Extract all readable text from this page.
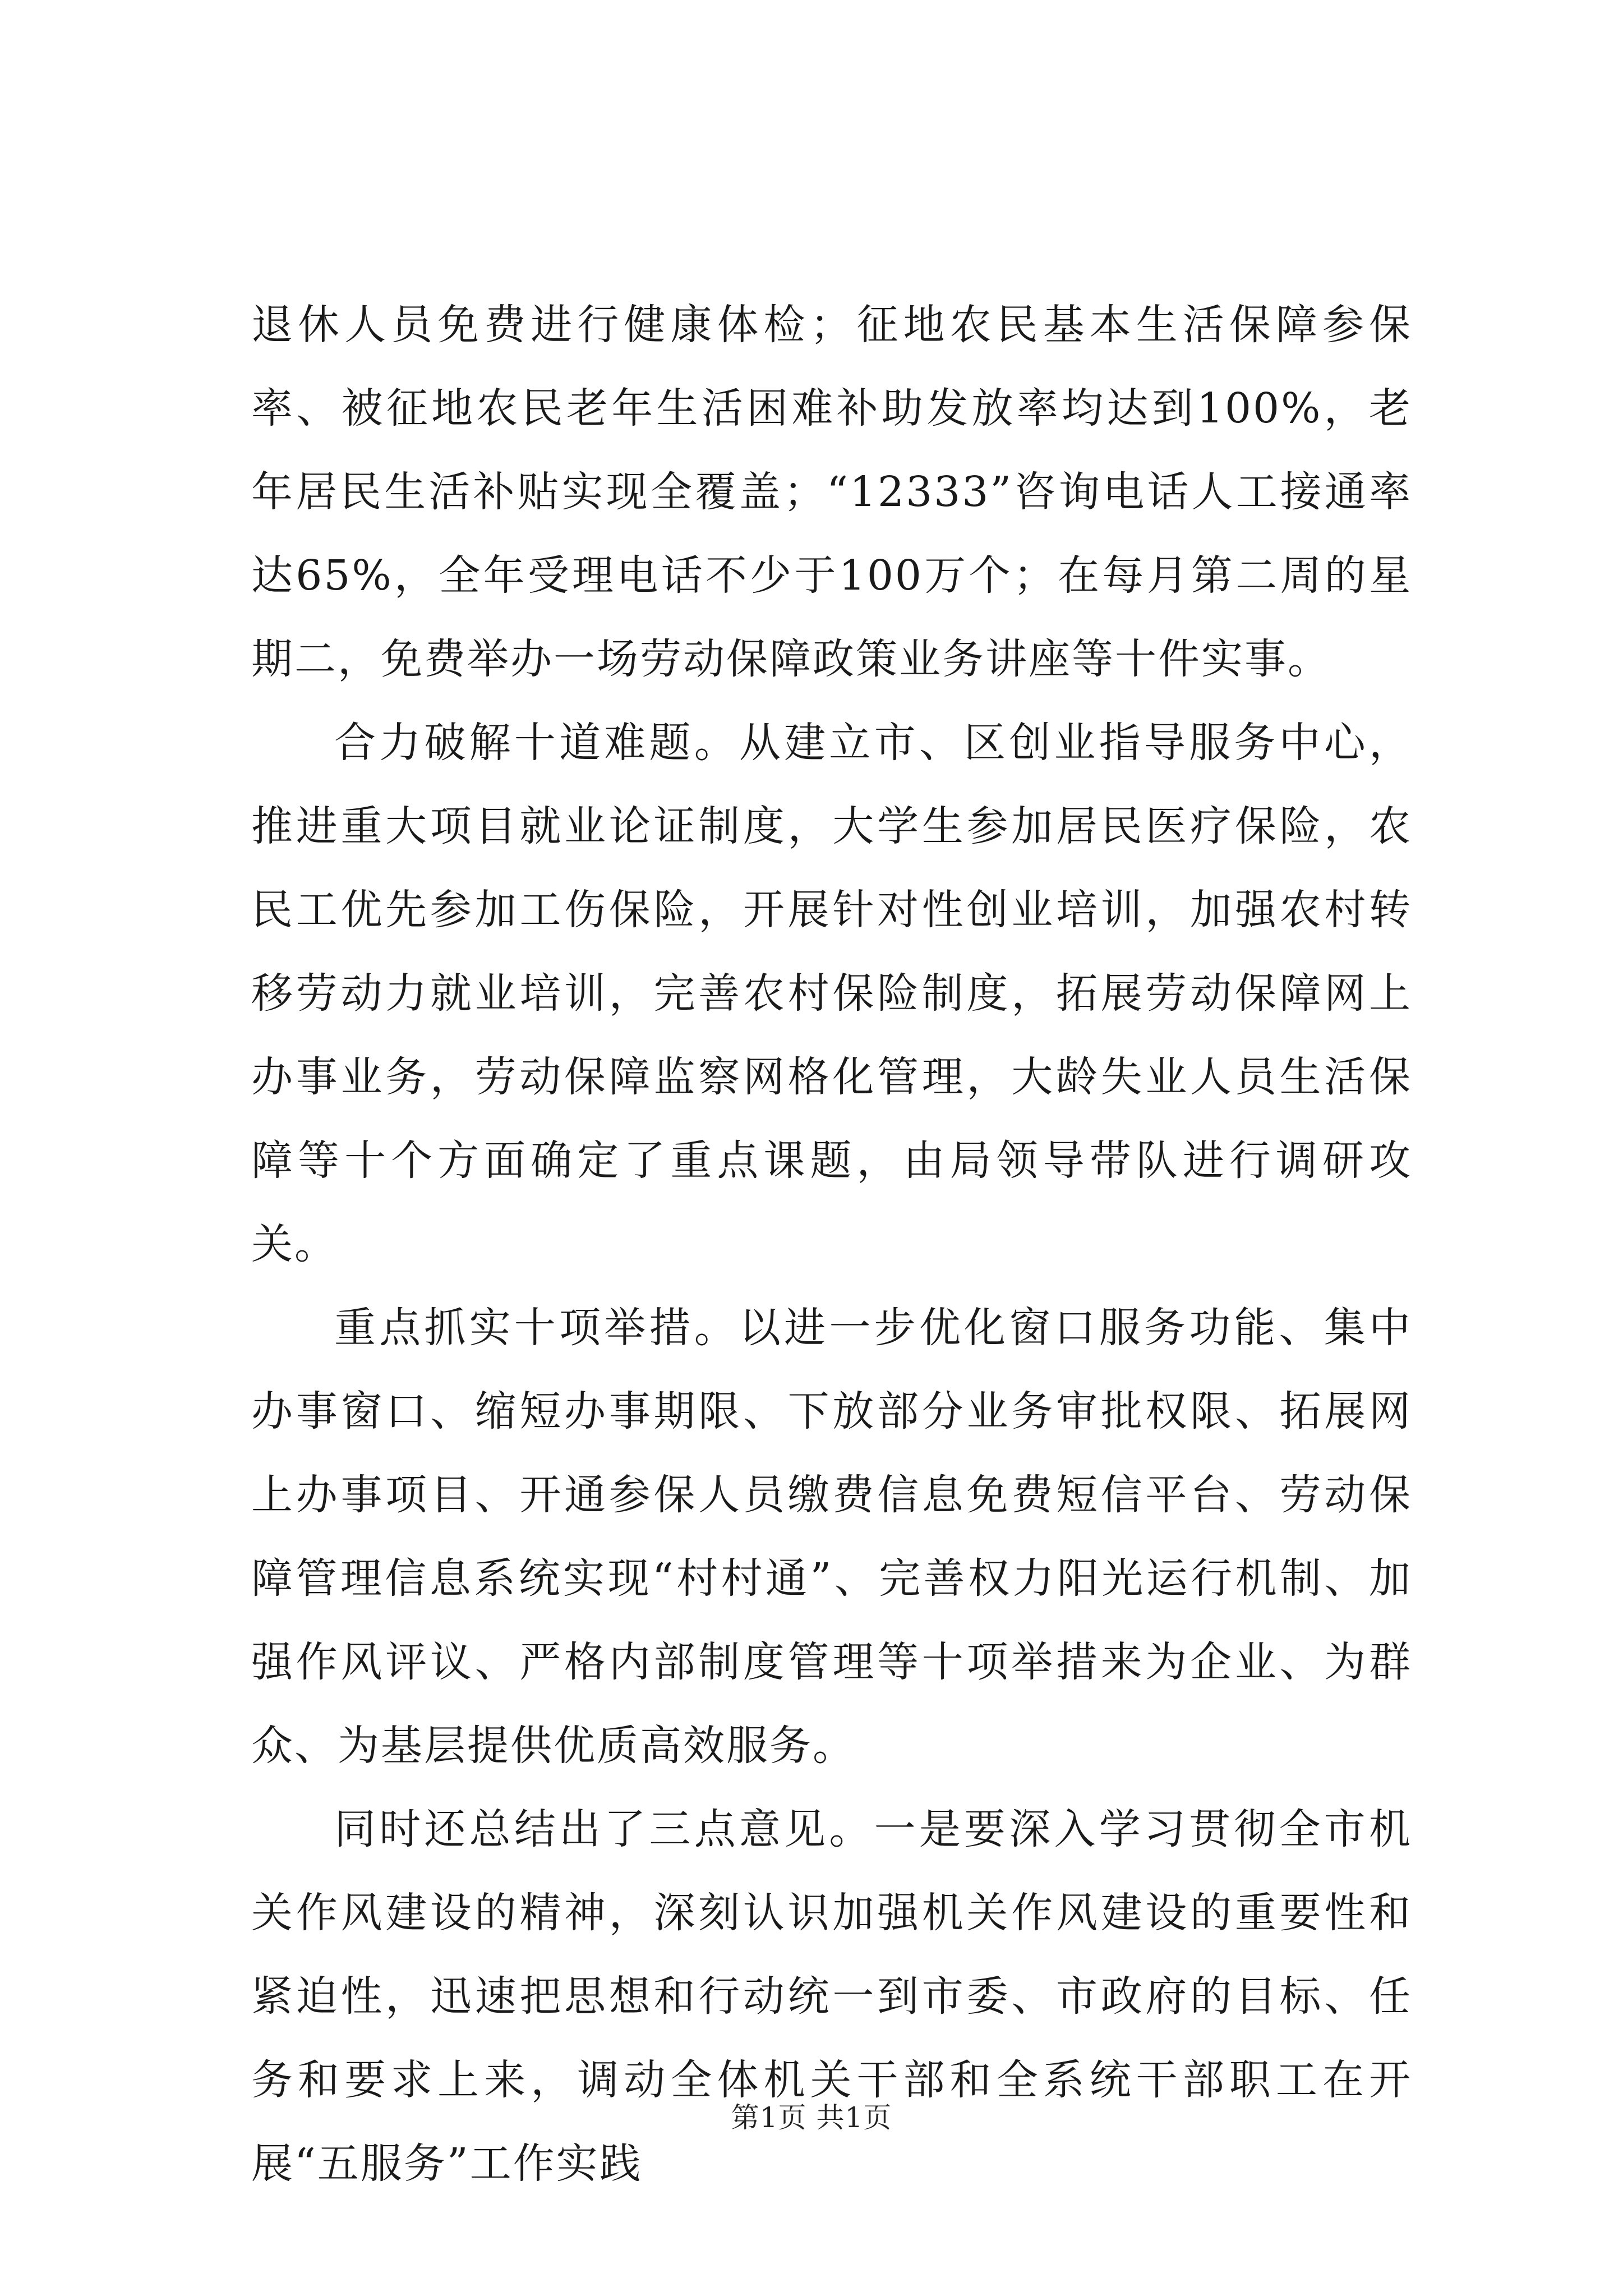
退休人员免费进行健康体检；征地农民基本生活保障参保率、被征地农民老年生活困难补助发放率均达到100%，老年居民生活补贴实现全覆盖；“12333”咨询电话人工接通率达65%，全年受理电话不少于100万个；在每月第二周的星期二，免费举办一场劳动保障政策业务讲座等十件实事。

合力破解十道难题。从建立市、区创业指导服务中心，推进重大项目就业论证制度，大学生参加居民医疗保险，农民工优先参加工伤保险，开展针对性创业培训，加强农村转移劳动力就业培训，完善农村保险制度，拓展劳动保障网上办事业务，劳动保障监察网格化管理，大龄失业人员生活保障等十个方面确定了重点课题，由局领导带队进行调研攻关。

重点抓实十项举措。以进一步优化窗口服务功能、集中办事窗口、缩短办事期限、下放部分业务审批权限、拓展网上办事项目、开通参保人员缴费信息免费短信平台、劳动保障管理信息系统实现“村村通”、完善权力阳光运行机制、加强作风评议、严格内部制度管理等十项举措来为企业、为群众、为基层提供优质高效服务。

同时还总结出了三点意见。一是要深入学习贯彻全市机关作风建设的精神，深刻认识加强机关作风建设的重要性和紧迫性，迅速把思想和行动统一到市委、市政府的目标、任务和要求上来，调动全体机关干部和全系统干部职工在开展“五服务”工作实践

第1页 共1页
